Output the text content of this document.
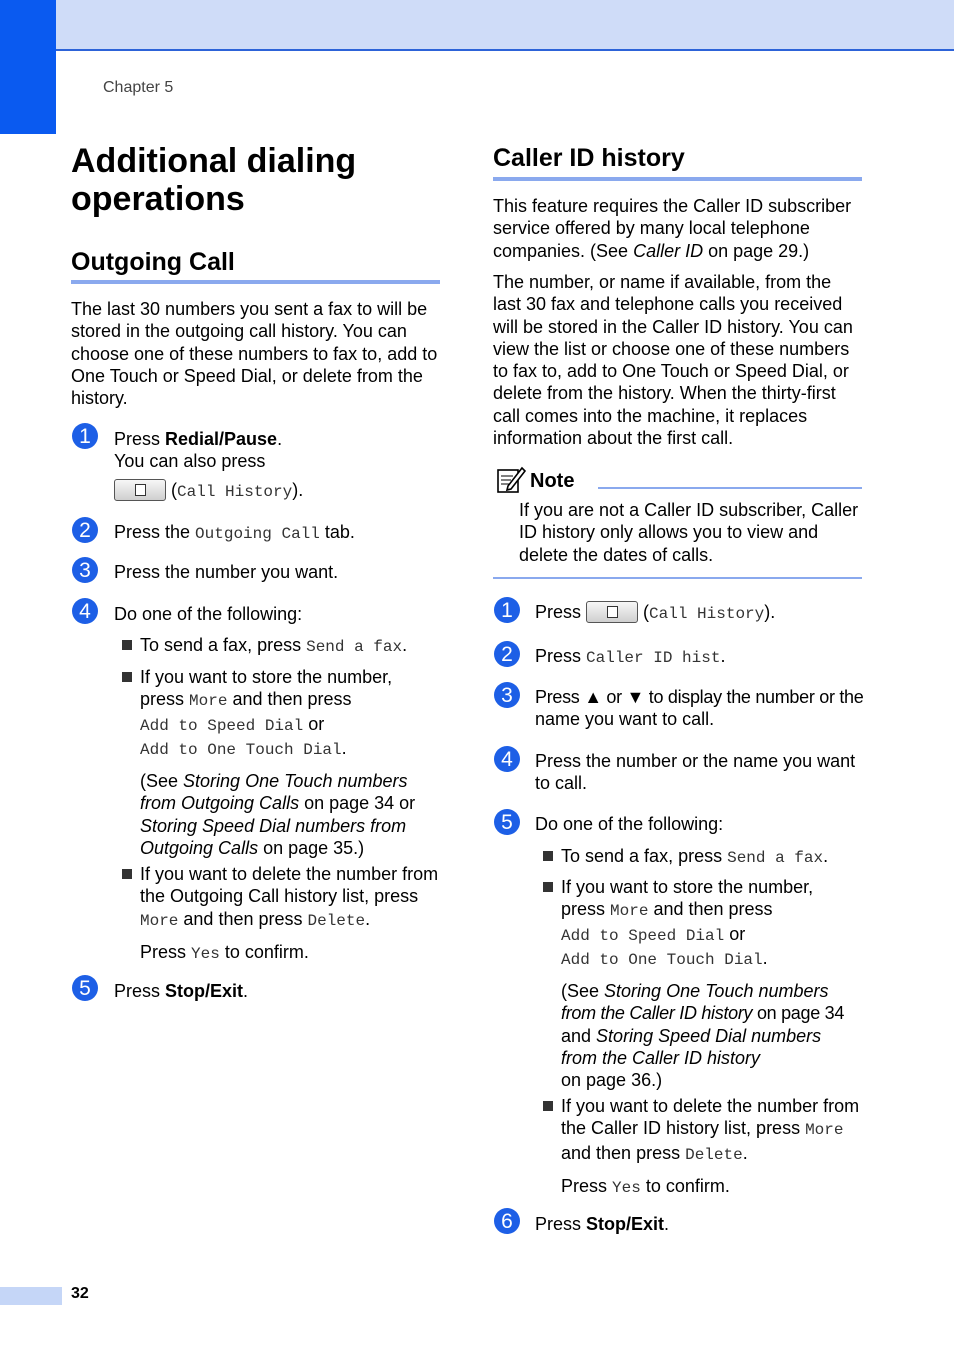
Chapter 5
Additional dialing
operations
Outgoing Call
The last 30 numbers you sent a fax to will be
stored in the outgoing call history. You can
choose one of these numbers to fax to, add to
One Touch or Speed Dial, or delete from the
history.
1	Press Redial/Pause.
You can also press
(Call History).
2	Press the Outgoing Call tab.
3	Press the number you want.
4	Do one of the following:
To send a fax, press Send a fax.
If you want to store the number,
press More and then press
Add to Speed Dial or
Add to One Touch Dial.
(See Storing One Touch numbers
from Outgoing Calls on page 34 or
Storing Speed Dial numbers from
Outgoing Calls on page 35.)
If you want to delete the number from
the Outgoing Call history list, press
More and then press Delete.
Press Yes to confirm.
5	Press Stop/Exit.
Caller ID history
This feature requires the Caller ID subscriber
service offered by many local telephone
companies. (See Caller ID on page 29.)
The number, or name if available, from the
last 30 fax and telephone calls you received
will be stored in the Caller ID history. You can
view the list or choose one of these numbers
to fax to, add to One Touch or Speed Dial, or
delete from the history. When the thirty-first
call comes into the machine, it replaces
information about the first call.
Note
If you are not a Caller ID subscriber, Caller
ID history only allows you to view and
delete the dates of calls.
1	Press	(Call History).
2	Press Caller ID hist.
3	Press ▲ or ▼ to display the number or the
name you want to call.
4	Press the number or the name you want
to call.
5	Do one of the following:
To send a fax, press Send a fax.
If you want to store the number,
press More and then press
Add to Speed Dial or
Add to One Touch Dial.
(See Storing One Touch numbers
from the Caller ID history on page 34
and Storing Speed Dial numbers
from the Caller ID history
on page 36.)
If you want to delete the number from
the Caller ID history list, press More
and then press Delete.
Press Yes to confirm.
6	Press Stop/Exit.
32
